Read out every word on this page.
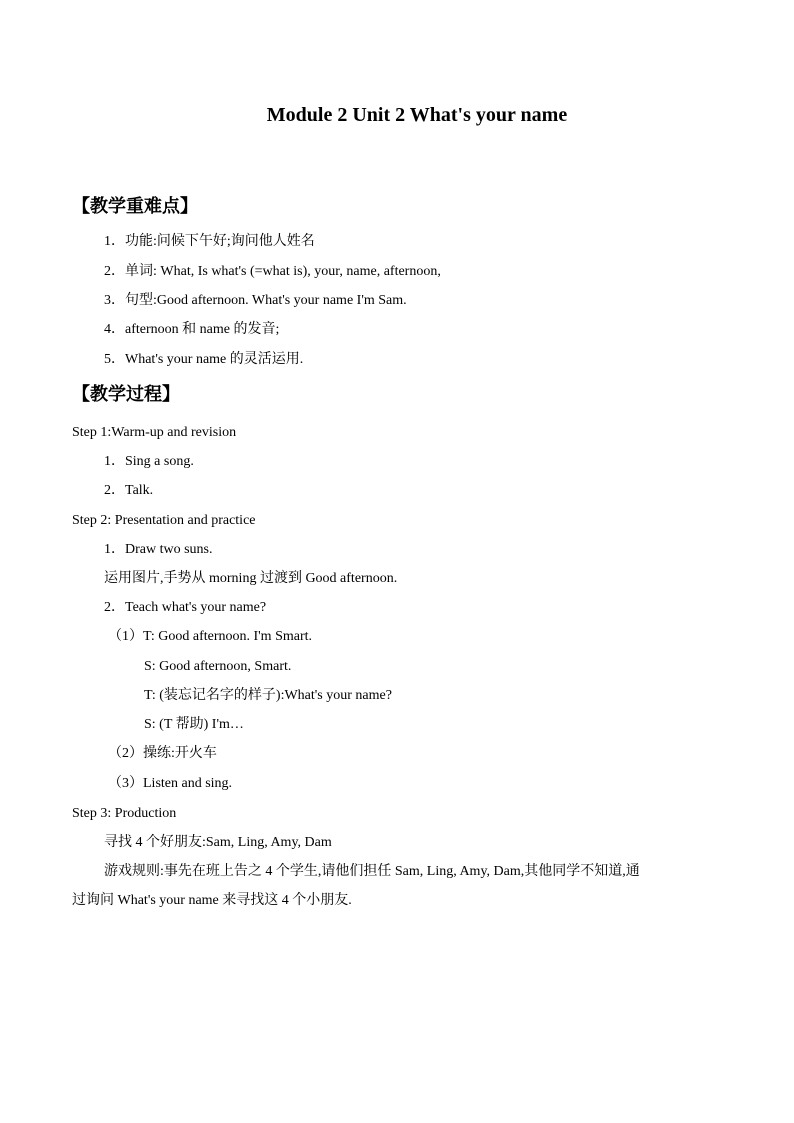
Module 2 Unit 2 What's your name
【教学重难点】
1．功能:问候下午好;询问他人姓名
2．单词: What, Is what's (=what is), your, name, afternoon,
3．句型:Good afternoon. What's your name I'm Sam.
4．afternoon 和 name 的发音;
5．What's your name 的灵活运用.
【教学过程】
Step 1:Warm-up and revision
1．Sing a song.
2．Talk.
Step 2: Presentation and practice
1．Draw two suns.
运用图片,手势从 morning 过渡到 Good afternoon.
2．Teach what's your name?
（1）T: Good afternoon. I'm Smart.
S: Good afternoon, Smart.
T: (装忘记名字的样子):What's your name?
S: (T 帮助) I'm…
（2）操练:开火车
（3）Listen and sing.
Step 3: Production
寻找 4 个好朋友:Sam, Ling, Amy, Dam
游戏规则:事先在班上告之 4 个学生,请他们担任 Sam, Ling, Amy, Dam,其他同学不知道,通
过询问 What's your name 来寻找这 4 个小朋友.
